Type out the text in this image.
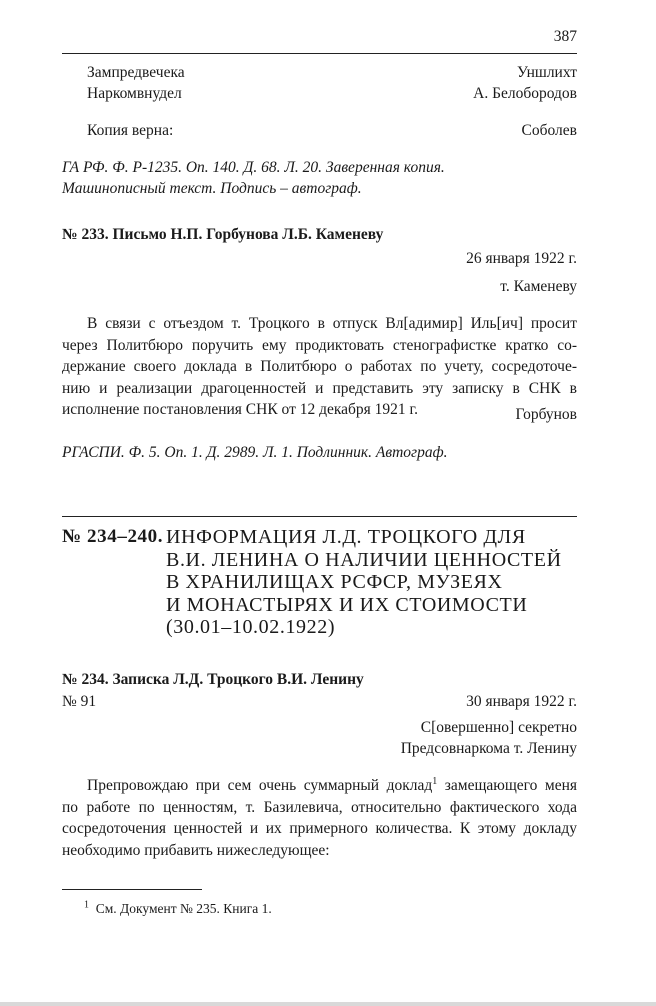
387
Зампредвечека	Уншлихт
Наркомвнудел	А. Белобородов
Копия верна:	Соболев
ГА РФ. Ф. Р-1235. Оп. 140. Д. 68. Л. 20. Заверенная копия.
Машинописный текст. Подпись – автограф.
№ 233. Письмо Н.П. Горбунова Л.Б. Каменеву
26 января 1922 г.
т. Каменеву
В связи с отъездом т. Троцкого в отпуск Вл[адимир] Иль[ич] просит
через Политбюро поручить ему продиктовать стенографистке кратко со-
держание своего доклада в Политбюро о работах по учету, сосредоточе-
нию и реализации драгоценностей и представить эту записку в СНК в
исполнение постановления СНК от 12 декабря 1921 г.	Горбунов
РГАСПИ. Ф. 5. Оп. 1. Д. 2989. Л. 1. Подлинник. Автограф.
№ 234–240. ИНФОРМАЦИЯ Л.Д. ТРОЦКОГО ДЛЯ
В.И. ЛЕНИНА О НАЛИЧИИ ЦЕННОСТЕЙ
В ХРАНИЛИЩАХ РСФСР, МУЗЕЯХ
И МОНАСТЫРЯХ И ИХ СТОИМОСТИ
(30.01–10.02.1922)
№ 234. Записка Л.Д. Троцкого В.И. Ленину
№ 91	30 января 1922 г.
С[овершенно] секретно
Предсовнаркома т. Ленину
Препровождаю при сем очень суммарный доклад$^1$ замещающего меня
по работе по ценностям, т. Базилевича, относительно фактического хода
сосредоточения ценностей и их примерного количества. К этому докладу
необходимо прибавить нижеследующее:
$^1$ См. Документ № 235. Книга 1.
